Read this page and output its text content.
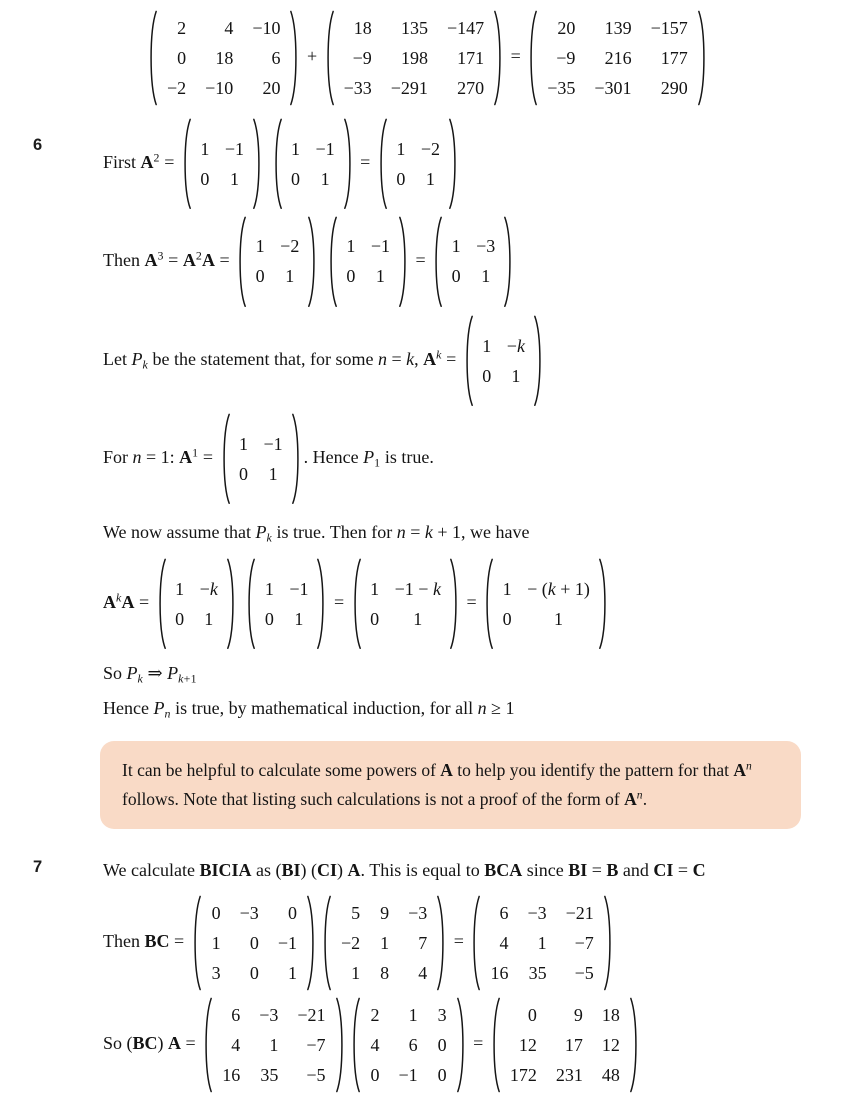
2 4 −10
0 18 6
−2 −10 20
+
18 135 −147
−9 198 171
−33 −291 270
=
20 139 −157
−9 216 177
−35 −301 290
6
First $A^2$ =
1 −1
0 1

1 −1
0 1
=
1 −2
0 1
Then $A^3 = A^2A$ =
1 −2
0 1

1 −1
0 1
=
1 −3
0 1
Let Pk be the statement that, for some n = k, $A^k$ =
1 −k
0 1
For n = 1: $A^1$ =
1 −1
0 1
. Hence P1 is true.
We now assume that Pk is true. Then for n = k + 1, we have
$A^kA$ =
1 −k
0 1

1 −1
0 1
=
1 −1 − k
0 1
=
1 − (k + 1)
0 1
So Pk ⇒ Pk+1
Hence Pn is true, by mathematical induction, for all n ≥ 1
It can be helpful to calculate some powers of A to help you identify the pattern for that $A^n$ follows. Note that listing such calculations is not a proof of the form of $A^n$.
7	We calculate BICIA as (BI) (CI) A. This is equal to BCA since BI = B and CI = C
Then BC =
0 −3 0
1 0 −1
3 0 1
5 9 −3
−2 1 7
1 8 4
=
6 −3 −21
4 1 −7
16 35 −5
So (BC) A =
6 −3 −21
4 1 −7
16 35 −5
2 1 3
4 6 0
0 −1 0
=
0 9 18
12 17 12
172 231 48
